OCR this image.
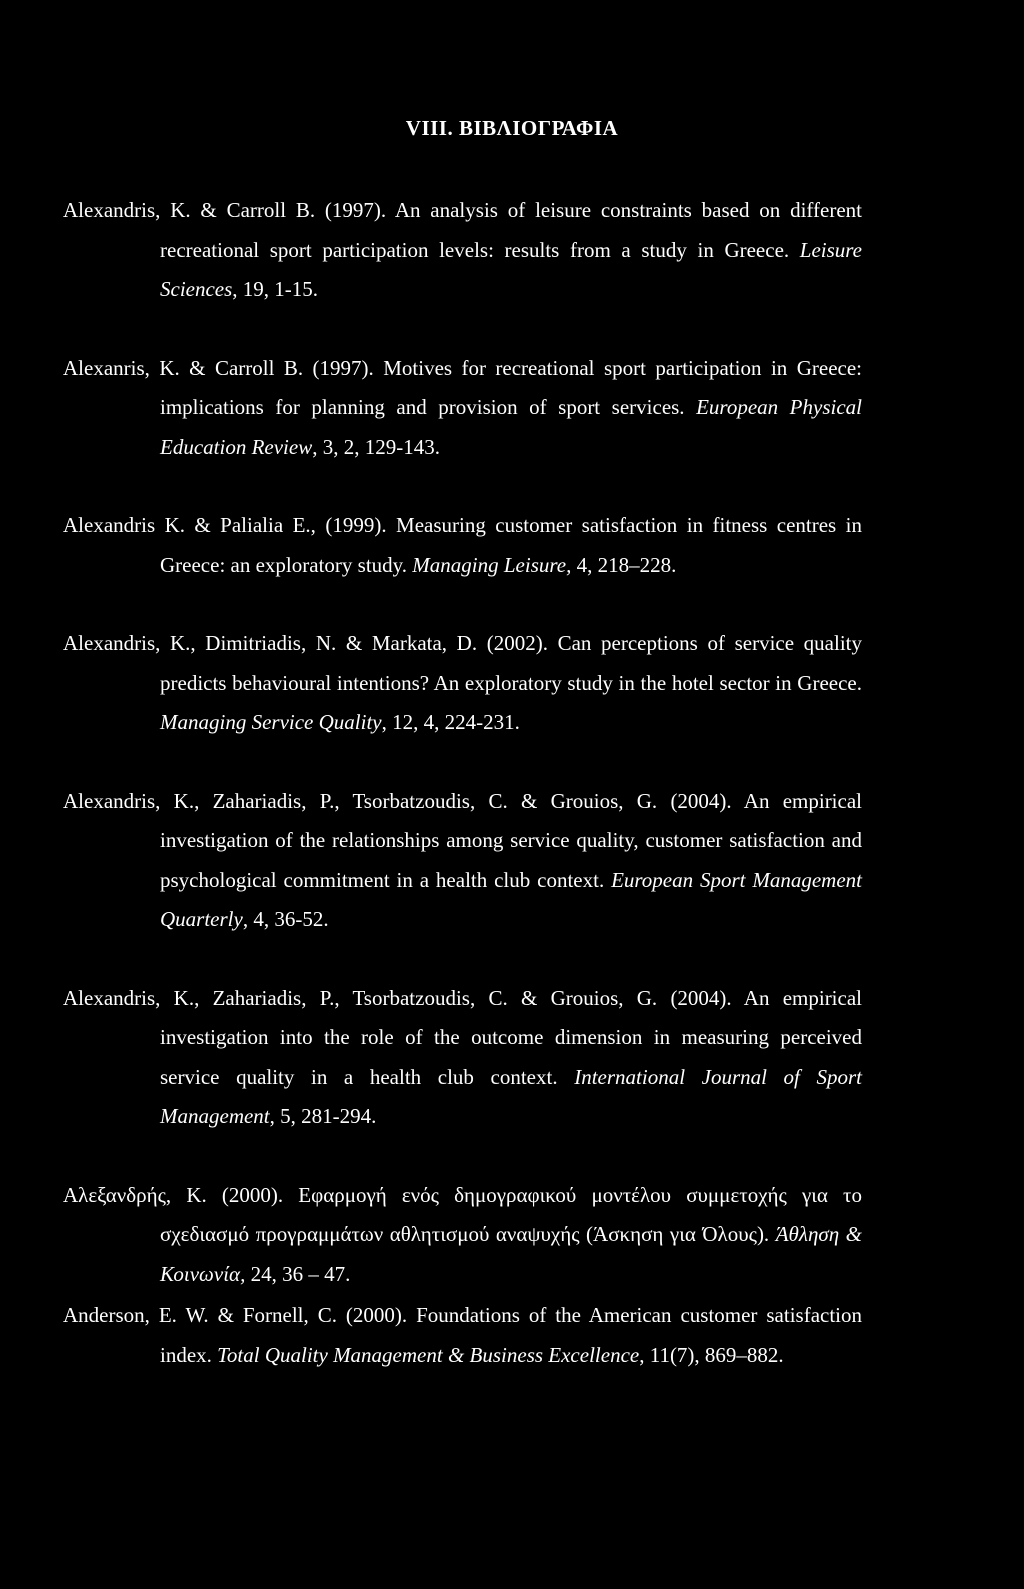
VIII. ΒΙΒΛΙΟΓΡΑΦΙΑ
Alexandris, K. & Carroll B. (1997). An analysis of leisure constraints based on different recreational sport participation levels: results from a study in Greece. Leisure Sciences, 19, 1-15.
Alexanris, K. & Carroll B. (1997). Motives for recreational sport participation in Greece: implications for planning and provision of sport services. European Physical Education Review, 3, 2, 129-143.
Alexandris K. & Palialia E., (1999). Measuring customer satisfaction in fitness centres in Greece: an exploratory study. Managing Leisure, 4, 218–228.
Alexandris, K., Dimitriadis, N. & Markata, D. (2002). Can perceptions of service quality predicts behavioural intentions? An exploratory study in the hotel sector in Greece. Managing Service Quality, 12, 4, 224-231.
Alexandris, K., Zahariadis, P., Tsorbatzoudis, C. & Grouios, G. (2004). An empirical investigation of the relationships among service quality, customer satisfaction and psychological commitment in a health club context. European Sport Management Quarterly, 4, 36-52.
Alexandris, K., Zahariadis, P., Tsorbatzoudis, C. & Grouios, G. (2004). An empirical investigation into the role of the outcome dimension in measuring perceived service quality in a health club context. International Journal of Sport Management, 5, 281-294.
Αλεξανδρής, Κ. (2000). Εφαρμογή ενός δημογραφικού μοντέλου συμμετοχής για το σχεδιασμό προγραμμάτων αθλητισμού αναψυχής (Άσκηση για Όλους). Άθληση & Κοινωνία, 24, 36 – 47.
Anderson, E. W. & Fornell, C. (2000). Foundations of the American customer satisfaction index. Total Quality Management & Business Excellence, 11(7), 869–882.
